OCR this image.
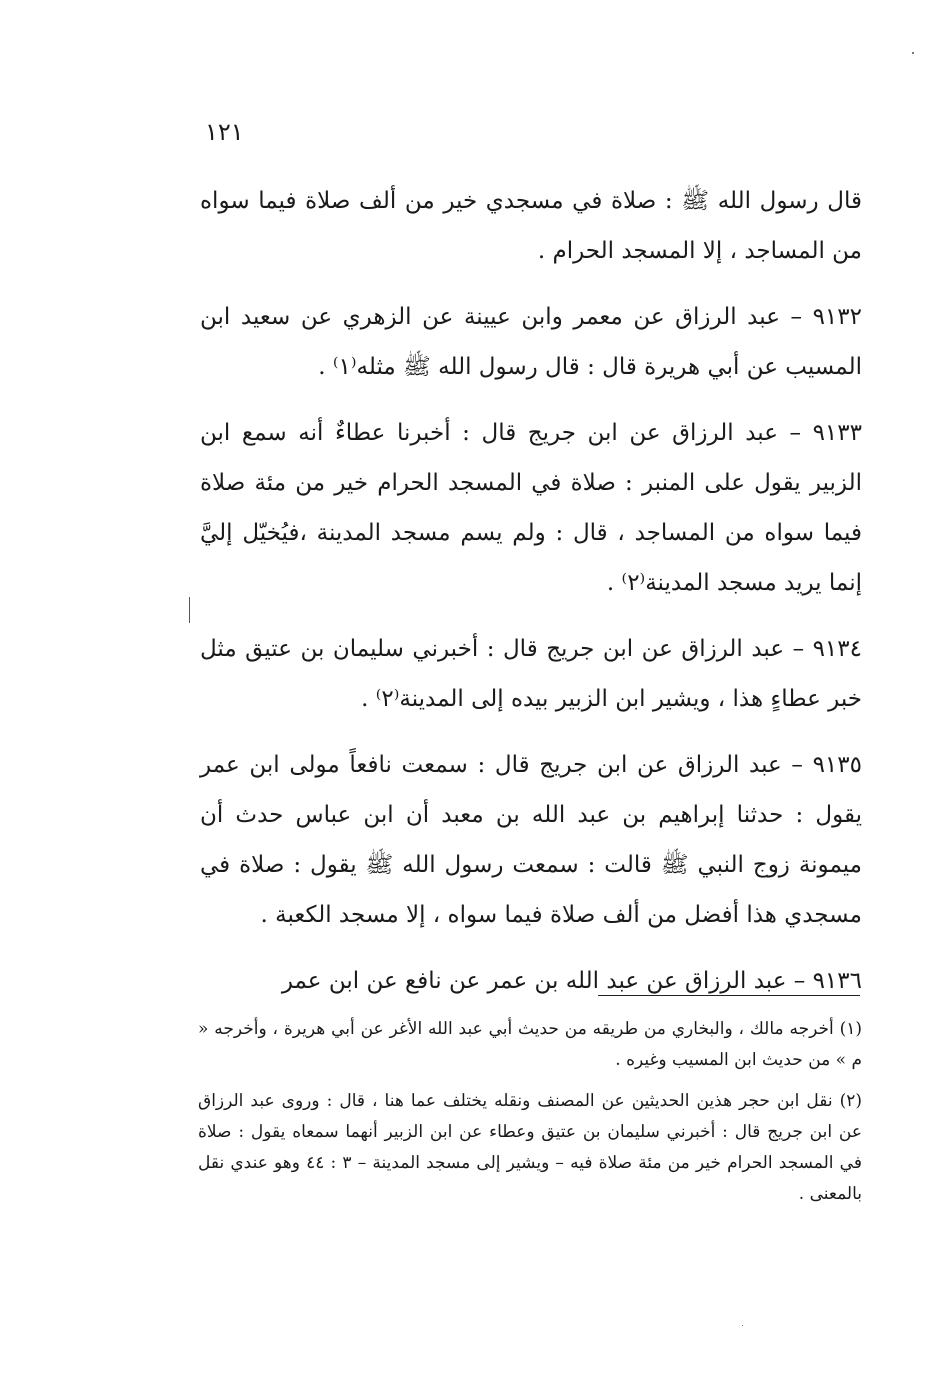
١٢١

قال رسول الله ﷺ : صلاة في مسجدي خير من ألف صلاة فيما سواه من المساجد ، إلا المسجد الحرام .

٩١٣٢ – عبد الرزاق عن معمر وابن عيينة عن الزهري عن سعيد ابن المسيب عن أبي هريرة قال : قال رسول الله ﷺ مثله⁽١⁾ .

٩١٣٣ – عبد الرزاق عن ابن جريج قال : أخبرنا عطاءٌ أنه سمع ابن الزبير يقول على المنبر : صلاة في المسجد الحرام خير من مئة صلاة فيما سواه من المساجد ، قال : ولم يسم مسجد المدينة ،فيُخيّل إليَّ إنما يريد مسجد المدينة⁽٢⁾ .

٩١٣٤ – عبد الرزاق عن ابن جريج قال : أخبرني سليمان بن عتيق مثل خبر عطاءٍ هذا ، ويشير ابن الزبير بيده إلى المدينة⁽٢⁾ .

٩١٣٥ – عبد الرزاق عن ابن جريج قال : سمعت نافعاً مولى ابن عمر يقول : حدثنا إبراهيم بن عبد الله بن معبد أن ابن عباس حدث أن ميمونة زوج النبي ﷺ قالت : سمعت رسول الله ﷺ يقول : صلاة في مسجدي هذا أفضل من ألف صلاة فيما سواه ، إلا مسجد الكعبة .

٩١٣٦ – عبد الرزاق عن عبد الله بن عمر عن نافع عن ابن عمر

(١) أخرجه مالك ، والبخاري من طريقه من حديث أبي عبد الله الأغر عن أبي هريرة ، وأخرجه « م » من حديث ابن المسيب وغيره .

(٢) نقل ابن حجر هذين الحديثين عن المصنف ونقله يختلف عما هنا ، قال : وروى عبد الرزاق عن ابن جريج قال : أخبرني سليمان بن عتيق وعطاء عن ابن الزبير أنهما سمعاه يقول : صلاة في المسجد الحرام خير من مئة صلاة فيه – ويشير إلى مسجد المدينة – ٣ : ٤٤ وهو عندي نقل بالمعنى .
